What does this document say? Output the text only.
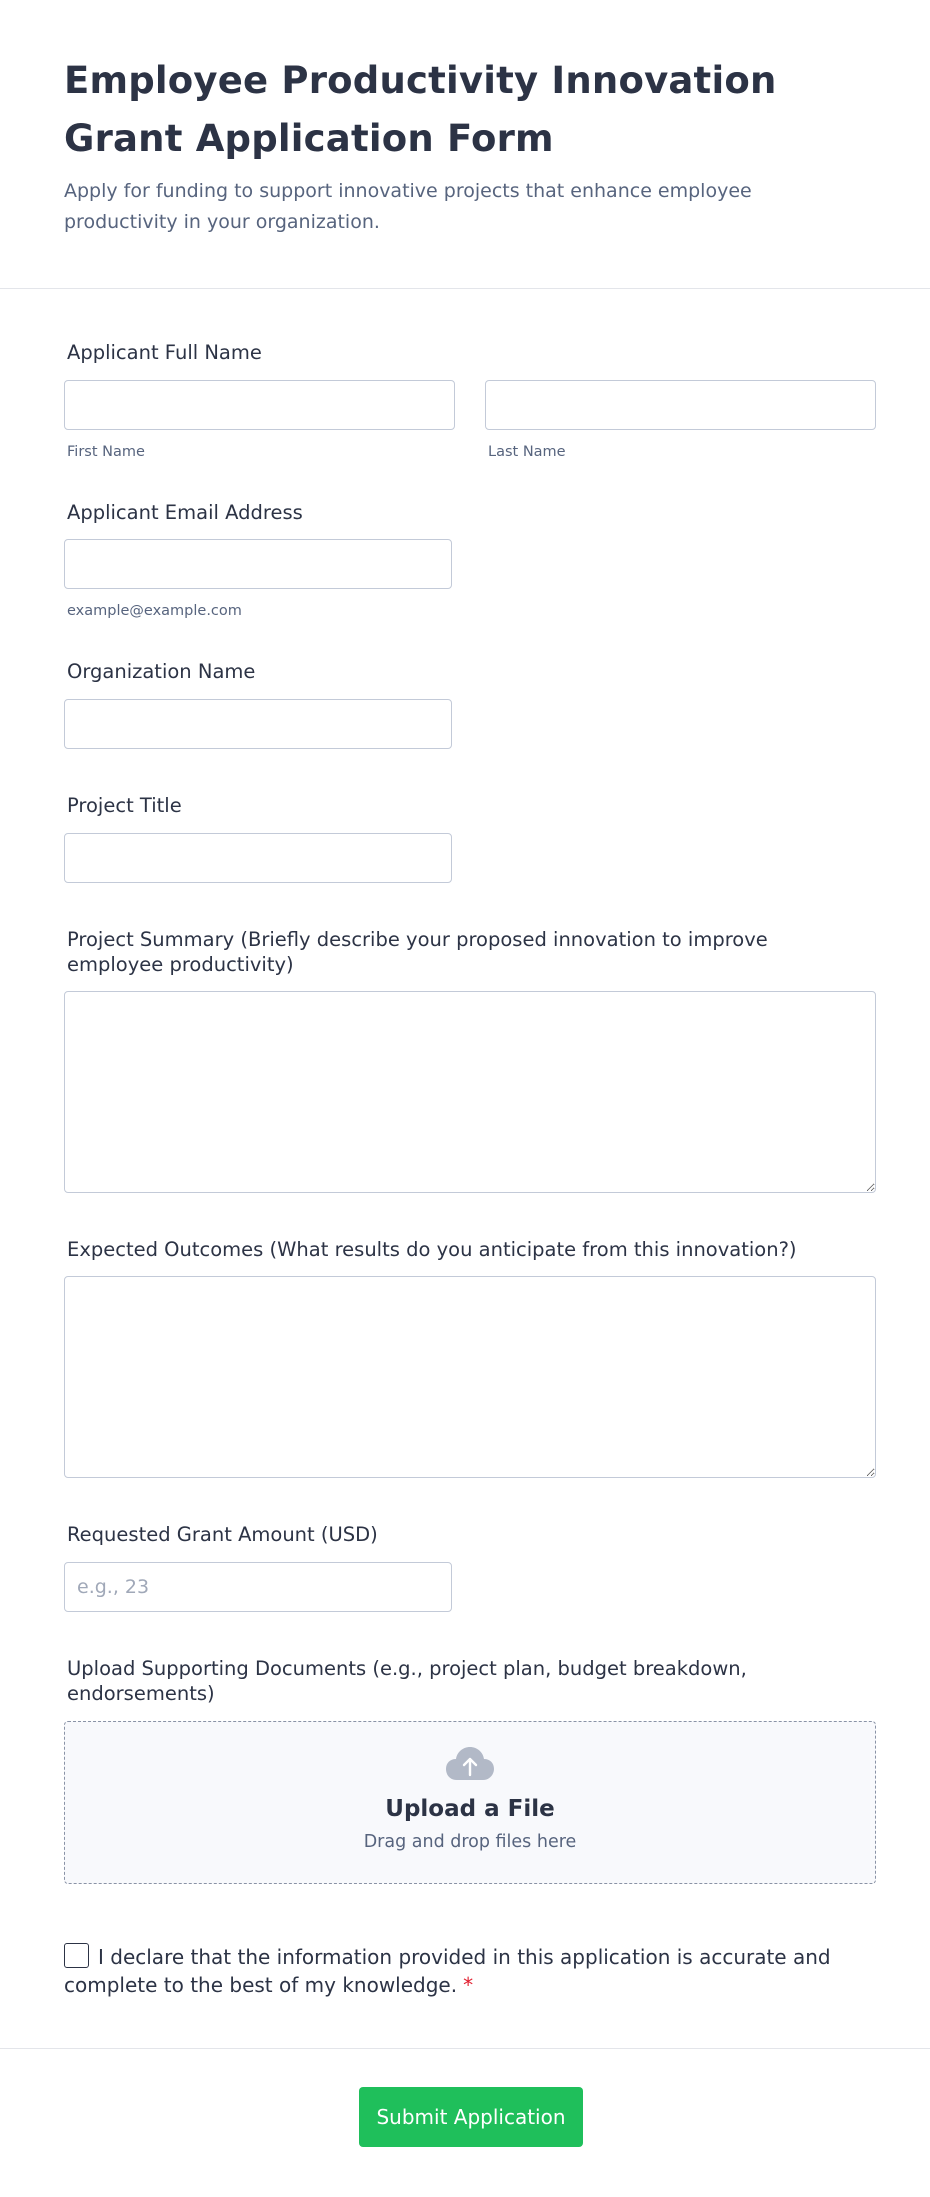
Employee Productivity Innovation Grant Application Form

Apply for funding to support innovative projects that enhance employee productivity in your organization.

Applicant Full Name
First Name	Last Name
Applicant Email Address
example@example.com
Organization Name
Project Title
Project Summary (Briefly describe your proposed innovation to improve employee productivity)
Expected Outcomes (What results do you anticipate from this innovation?)
Requested Grant Amount (USD)
e.g., 23
Upload Supporting Documents (e.g., project plan, budget breakdown, endorsements)
Upload a File
Drag and drop files here
I declare that the information provided in this application is accurate and complete to the best of my knowledge. *
Submit Application
